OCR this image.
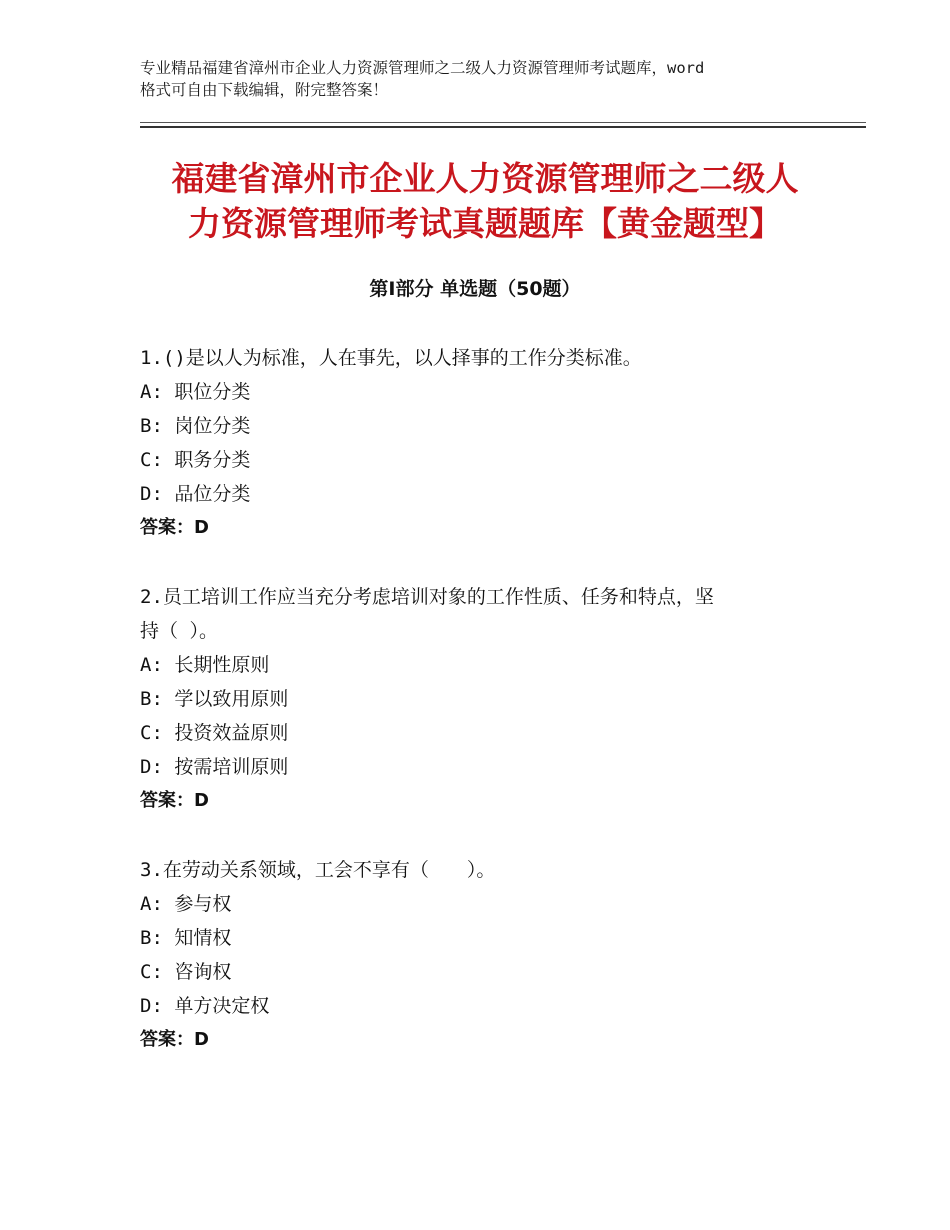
专业精品福建省漳州市企业人力资源管理师之二级人力资源管理师考试题库，word
格式可自由下载编辑，附完整答案！
福建省漳州市企业人力资源管理师之二级人
力资源管理师考试真题题库【黄金题型】
第Ⅰ部分 单选题（50题）
1.()是以人为标准，人在事先，以人择事的工作分类标准。
A: 职位分类
B: 岗位分类
C: 职务分类
D: 品位分类
答案：D
2.员工培训工作应当充分考虑培训对象的工作性质、任务和特点，坚
持（ ）。
A: 长期性原则
B: 学以致用原则
C: 投资效益原则
D: 按需培训原则
答案：D
3.在劳动关系领域，工会不享有（　　）。
A: 参与权
B: 知情权
C: 咨询权
D: 单方决定权
答案：D
